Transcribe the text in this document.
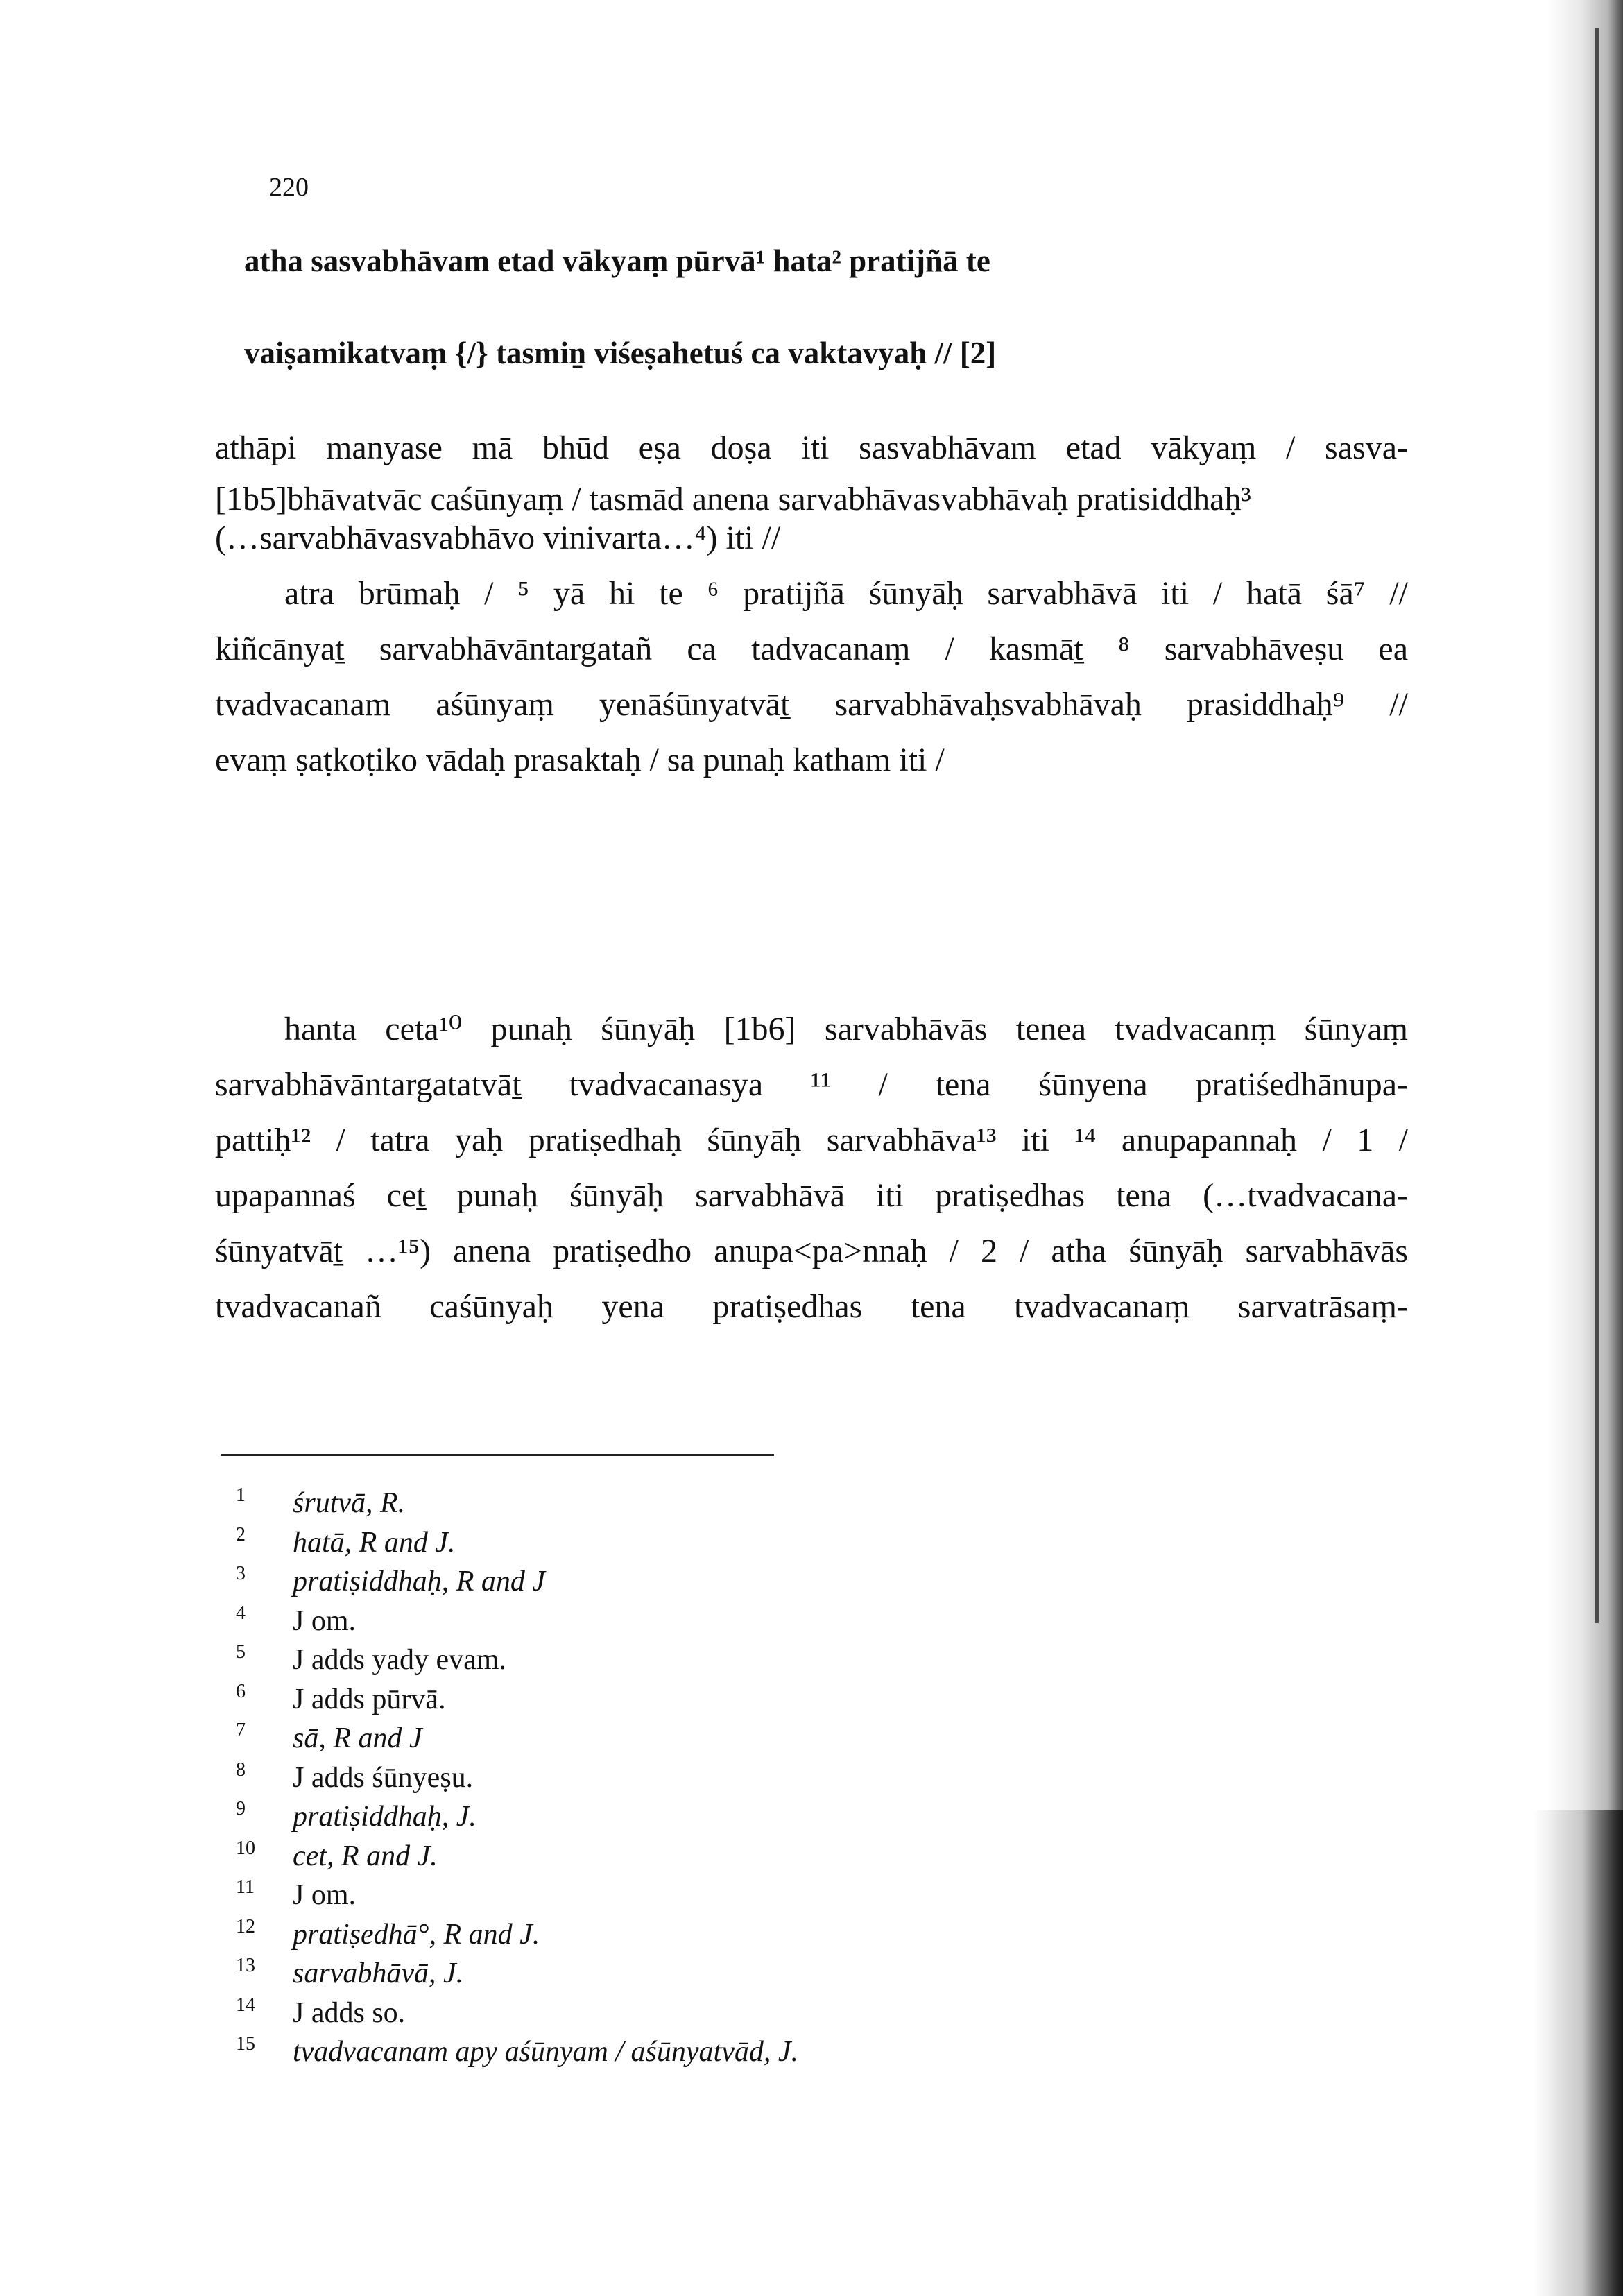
220
atha sasvabhāvam etad vākyaṃ pūrvā¹ hata² pratijñā te
vaiṣamikatvaṃ {/} tasmiṉ viśeṣahetuś ca vaktavyaḥ // [2]
athāpi manyase mā bhūd eṣa doṣa iti sasvabhāvam etad vākyaṃ / sasva-
[1b5]bhāvatvāc caśūnyaṃ / tasmād anena sarvabhāvasvabhāvaḥ pratisiddhaḥ³
(…sarvabhāvasvabhāvo vinivarta…⁴) iti //
atra brūmaḥ / ⁵ yā hi te ⁶ pratijñā śūnyāḥ sarvabhāvā iti / hatā śā⁷ //
kiñcānyaṯ sarvabhāvāntargatañ ca tadvacanaṃ / kasmāṯ ⁸ sarvabhāveṣu ea
tvadvacanam aśūnyaṃ yenāśūnyatvāṯ sarvabhāvaḥsvabhāvaḥ prasiddhaḥ⁹ //
evaṃ ṣaṭkoṭiko vādaḥ prasaktaḥ / sa punaḥ katham iti /
hanta ceta¹⁰ punaḥ śūnyāḥ [1b6] sarvabhāvās tenea tvadvacanṃ śūnyaṃ
sarvabhāvāntargatatvāṯ tvadvacanasya ¹¹ / tena śūnyena pratiśedhānupa-
pattiḥ¹² / tatra yaḥ pratiṣedhaḥ śūnyāḥ sarvabhāva¹³ iti ¹⁴ anupapannaḥ / 1 /
upapannaś ceṯ punaḥ śūnyāḥ sarvabhāvā iti pratiṣedhas tena (…tvadvacana-
śūnyatvāṯ …¹⁵) anena pratiṣedho anupa<pa>nnaḥ / 2 / atha śūnyāḥ sarvabhāvās
tvadvacanañ caśūnyaḥ yena pratiṣedhas tena tvadvacanaṃ sarvatrāsaṃ-
1 śrutvā, R.
2 hatā, R and J.
3 pratiṣiddhaḥ, R and J
4 J om.
5 J adds yady evam.
6 J adds pūrvā.
7 sā, R and J
8 J adds śūnyeṣu.
9 pratiṣiddhaḥ, J.
10 cet, R and J.
11 J om.
12 pratiṣedhā°, R and J.
13 sarvabhāvā, J.
14 J adds so.
15 tvadvacanam apy aśūnyam / aśūnyatvād, J.
